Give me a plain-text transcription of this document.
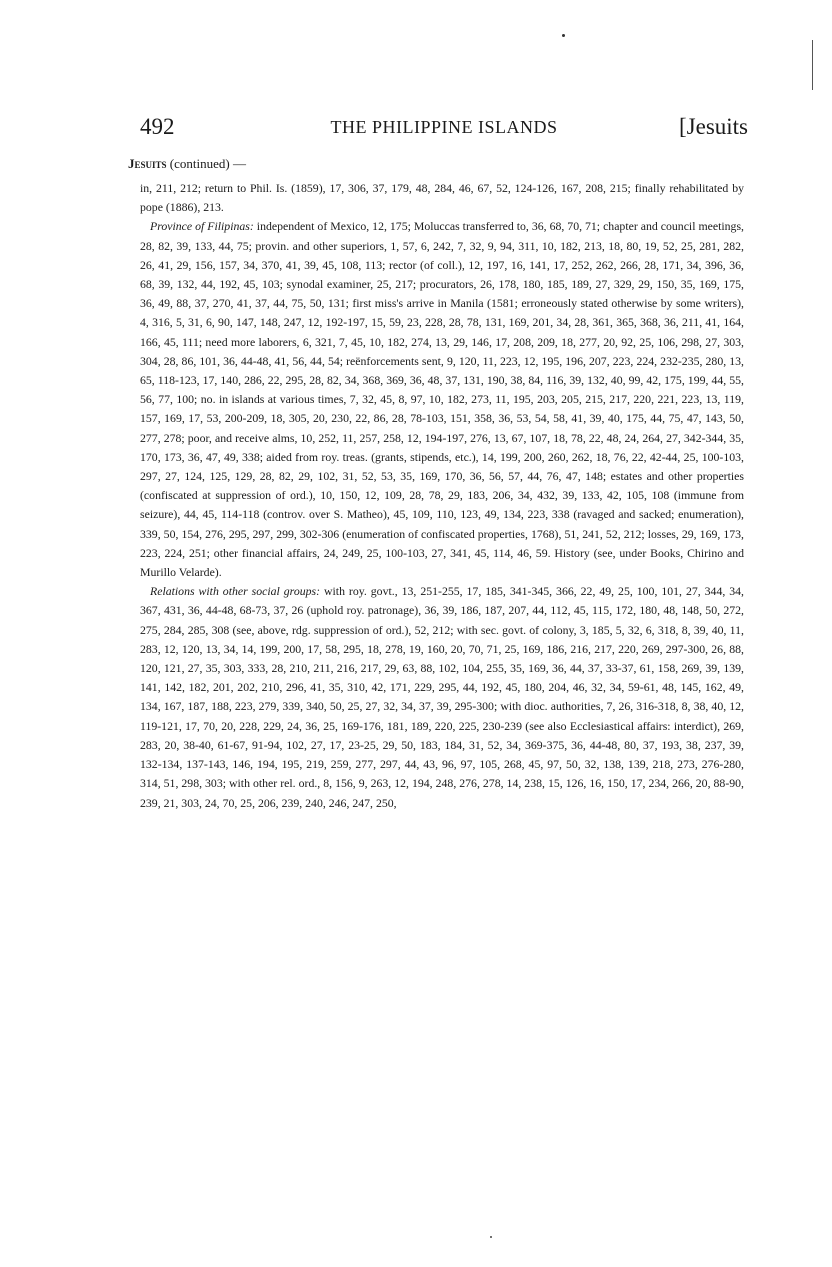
492	THE PHILIPPINE ISLANDS	[Jesuits
Jesuits (continued) —

in, 211, 212; return to Phil. Is. (1859), 17, 306, 37, 179, 48, 284, 46, 67, 52, 124-126, 167, 208, 215; finally rehabilitated by pope (1886), 213.

Province of Filipinas: independent of Mexico, 12, 175; Moluccas transferred to, 36, 68, 70, 71; chapter and council meetings, 28, 82, 39, 133, 44, 75; provin. and other superiors, 1, 57, 6, 242, 7, 32, 9, 94, 311, 10, 182, 213, 18, 80, 19, 52, 25, 281, 282, 26, 41, 29, 156, 157, 34, 370, 41, 39, 45, 108, 113; rector (of coll.), 12, 197, 16, 141, 17, 252, 262, 266, 28, 171, 34, 396, 36, 68, 39, 132, 44, 192, 45, 103; synodal examiner, 25, 217; procurators, 26, 178, 180, 185, 189, 27, 329, 29, 150, 35, 169, 175, 36, 49, 88, 37, 270, 41, 37, 44, 75, 50, 131; first miss's arrive in Manila (1581; erroneously stated otherwise by some writers), 4, 316, 5, 31, 6, 90, 147, 148, 247, 12, 192-197, 15, 59, 23, 228, 28, 78, 131, 169, 201, 34, 28, 361, 365, 368, 36, 211, 41, 164, 166, 45, 111; need more laborers, 6, 321, 7, 45, 10, 182, 274, 13, 29, 146, 17, 208, 209, 18, 277, 20, 92, 25, 106, 298, 27, 303, 304, 28, 86, 101, 36, 44-48, 41, 56, 44, 54; reënforcements sent, 9, 120, 11, 223, 12, 195, 196, 207, 223, 224, 232-235, 280, 13, 65, 118-123, 17, 140, 286, 22, 295, 28, 82, 34, 368, 369, 36, 48, 37, 131, 190, 38, 84, 116, 39, 132, 40, 99, 42, 175, 199, 44, 55, 56, 77, 100; no. in islands at various times, 7, 32, 45, 8, 97, 10, 182, 273, 11, 195, 203, 205, 215, 217, 220, 221, 223, 13, 119, 157, 169, 17, 53, 200-209, 18, 305, 20, 230, 22, 86, 28, 78-103, 151, 358, 36, 53, 54, 58, 41, 39, 40, 175, 44, 75, 47, 143, 50, 277, 278; poor, and receive alms, 10, 252, 11, 257, 258, 12, 194-197, 276, 13, 67, 107, 18, 78, 22, 48, 24, 264, 27, 342-344, 35, 170, 173, 36, 47, 49, 338; aided from roy. treas. (grants, stipends, etc.), 14, 199, 200, 260, 262, 18, 76, 22, 42-44, 25, 100-103, 297, 27, 124, 125, 129, 28, 82, 29, 102, 31, 52, 53, 35, 169, 170, 36, 56, 57, 44, 76, 47, 148; estates and other properties (confiscated at suppression of ord.), 10, 150, 12, 109, 28, 78, 29, 183, 206, 34, 432, 39, 133, 42, 105, 108 (immune from seizure), 44, 45, 114-118 (controv. over S. Matheo), 45, 109, 110, 123, 49, 134, 223, 338 (ravaged and sacked; enumeration), 339, 50, 154, 276, 295, 297, 299, 302-306 (enumeration of confiscated properties, 1768), 51, 241, 52, 212; losses, 29, 169, 173, 223, 224, 251; other financial affairs, 24, 249, 25, 100-103, 27, 341, 45, 114, 46, 59. History (see, under Books, Chirino and Murillo Velarde).

Relations with other social groups: with roy. govt., 13, 251-255, 17, 185, 341-345, 366, 22, 49, 25, 100, 101, 27, 344, 34, 367, 431, 36, 44-48, 68-73, 37, 26 (uphold roy. patronage), 36, 39, 186, 187, 207, 44, 112, 45, 115, 172, 180, 48, 148, 50, 272, 275, 284, 285, 308 (see, above, rdg. suppression of ord.), 52, 212; with sec. govt. of colony, 3, 185, 5, 32, 6, 318, 8, 39, 40, 11, 283, 12, 120, 13, 34, 14, 199, 200, 17, 58, 295, 18, 278, 19, 160, 20, 70, 71, 25, 169, 186, 216, 217, 220, 269, 297-300, 26, 88, 120, 121, 27, 35, 303, 333, 28, 210, 211, 216, 217, 29, 63, 88, 102, 104, 255, 35, 169, 36, 44, 37, 33-37, 61, 158, 269, 39, 139, 141, 142, 182, 201, 202, 210, 296, 41, 35, 310, 42, 171, 229, 295, 44, 192, 45, 180, 204, 46, 32, 34, 59-61, 48, 145, 162, 49, 134, 167, 187, 188, 223, 279, 339, 340, 50, 25, 27, 32, 34, 37, 39, 295-300; with dioc. authorities, 7, 26, 316-318, 8, 38, 40, 12, 119-121, 17, 70, 20, 228, 229, 24, 36, 25, 169-176, 181, 189, 220, 225, 230-239 (see also Ecclesiastical affairs: interdict), 269, 283, 20, 38-40, 61-67, 91-94, 102, 27, 17, 23-25, 29, 50, 183, 184, 31, 52, 34, 369-375, 36, 44-48, 80, 37, 193, 38, 237, 39, 132-134, 137-143, 146, 194, 195, 219, 259, 277, 297, 44, 43, 96, 97, 105, 268, 45, 97, 50, 32, 138, 139, 218, 273, 276-280, 314, 51, 298, 303; with other rel. ord., 8, 156, 9, 263, 12, 194, 248, 276, 278, 14, 238, 15, 126, 16, 150, 17, 234, 266, 20, 88-90, 239, 21, 303, 24, 70, 25, 206, 239, 240, 246, 247, 250,
